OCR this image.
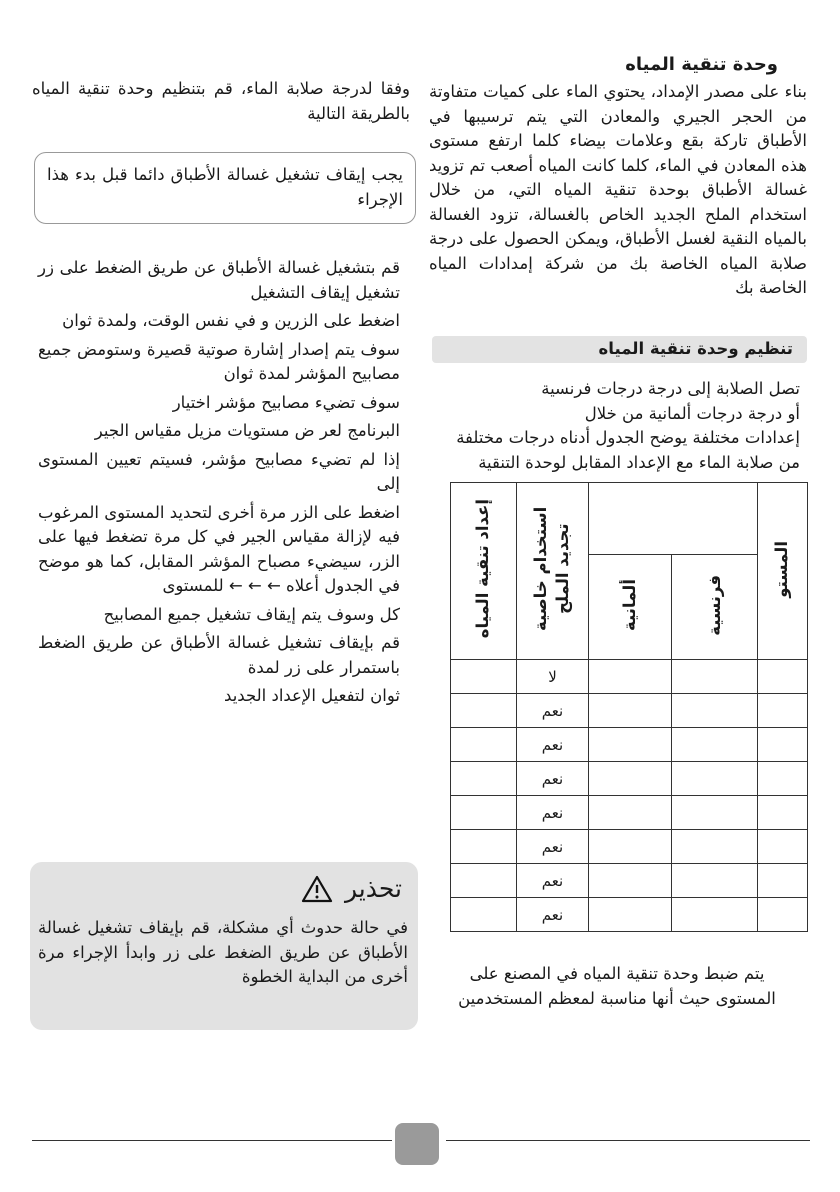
وحدة تنقية المياه
بناء على مصدر الإمداد، يحتوي الماء على كميات متفاوتة من الحجر الجيري والمعادن التي يتم ترسيبها في الأطباق تاركة بقع وعلامات بيضاء كلما ارتفع مستوى هذه المعادن في الماء، كلما كانت المياه أصعب تم تزويد غسالة الأطباق بوحدة تنقية المياه التي، من خلال استخدام الملح الجديد الخاص بالغسالة، تزود الغسالة بالمياه النقية لغسل الأطباق، ويمكن الحصول على درجة صلابة المياه الخاصة بك من شركة إمدادات المياه الخاصة بك
تنظيم وحدة تنقية المياه
تصل الصلابة إلى درجة درجات فرنسية
أو درجة درجات ألمانية من خلال
إعدادات مختلفة يوضح الجدول أدناه درجات مختلفة
من صلابة الماء مع الإعداد المقابل لوحدة التنقية
المستو			استخدام خاصية تجديد الملح	إعداد تنقية المياه
	فرنسية	ألمانية		
			لا	
			نعم	
			نعم	
			نعم	
			نعم	
			نعم	
			نعم	
			نعم	
يتم ضبط وحدة تنقية المياه في المصنع على
المستوى حيث أنها مناسبة لمعظم المستخدمين
وفقا لدرجة صلابة الماء، قم بتنظيم وحدة تنقية المياه بالطريقة التالية
يجب إيقاف تشغيل غسالة الأطباق دائما قبل بدء هذا الإجراء

قم بتشغيل غسالة الأطباق عن طريق الضغط على زر تشغيل إيقاف التشغيل

اضغط على الزرين و في نفس الوقت، ولمدة ثوان

سوف يتم إصدار إشارة صوتية قصيرة وستومض جميع مصابيح المؤشر لمدة ثوان

سوف تضيء مصابيح مؤشر اختيار

البرنامج لعر ض مستويات مزيل مقياس الجير

إذا لم تضيء مصابيح مؤشر، فسيتم تعيين المستوى إلى

اضغط على الزر مرة أخرى لتحديد المستوى المرغوب فيه لإزالة مقياس الجير في كل مرة تضغط فيها على الزر، سيضيء مصباح المؤشر المقابل، كما هو موضح في الجدول أعلاه ← ← ← للمستوى

كل وسوف يتم إيقاف تشغيل جميع المصابيح

قم بإيقاف تشغيل غسالة الأطباق عن طريق الضغط باستمرار على زر لمدة

ثوان لتفعيل الإعداد الجديد

تحذير
في حالة حدوث أي مشكلة، قم بإيقاف تشغيل غسالة الأطباق عن طريق الضغط على زر وابدأ الإجراء مرة أخرى من البداية الخطوة
